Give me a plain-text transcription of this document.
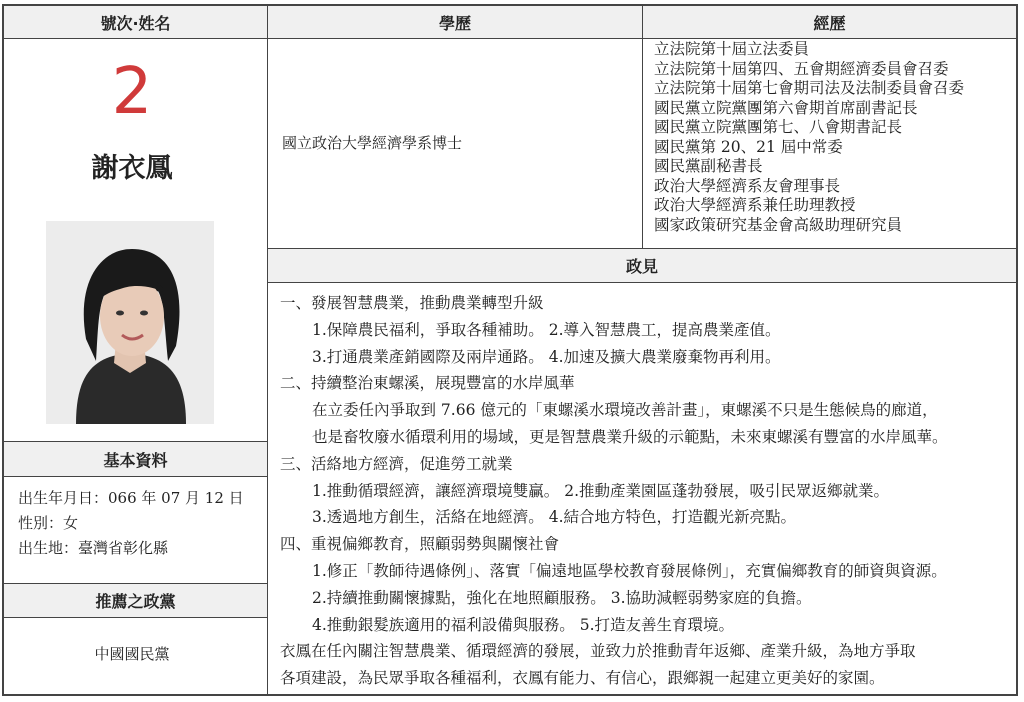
號次·姓名	學歷	經歷
2
謝衣鳳
基本資料
出生年月日：066 年 07 月 12 日
性別：女
出生地：臺灣省彰化縣
推薦之政黨
中國國民黨
國立政治大學經濟學系博士
立法院第十屆立法委員
立法院第十屆第四、五會期經濟委員會召委
立法院第十屆第七會期司法及法制委員會召委
國民黨立院黨團第六會期首席副書記長
國民黨立院黨團第七、八會期書記長
國民黨第 20、21 屆中常委
國民黨副秘書長
政治大學經濟系友會理事長
政治大學經濟系兼任助理教授
國家政策研究基金會高級助理研究員
政見
一、發展智慧農業，推動農業轉型升級
1.保障農民福利，爭取各種補助。 2.導入智慧農工，提高農業產值。
3.打通農業產銷國際及兩岸通路。 4.加速及擴大農業廢棄物再利用。
二、持續整治東螺溪，展現豐富的水岸風華
在立委任內爭取到 7.66 億元的「東螺溪水環境改善計畫」，東螺溪不只是生態候鳥的廊道，
也是畜牧廢水循環利用的場域，更是智慧農業升級的示範點，未來東螺溪有豐富的水岸風華。
三、活絡地方經濟，促進勞工就業
1.推動循環經濟，讓經濟環境雙贏。 2.推動產業園區蓬勃發展，吸引民眾返鄉就業。
3.透過地方創生，活絡在地經濟。 4.結合地方特色，打造觀光新亮點。
四、重視偏鄉教育，照顧弱勢與關懷社會
1.修正「教師待遇條例」、落實「偏遠地區學校教育發展條例」，充實偏鄉教育的師資與資源。
2.持續推動關懷據點，強化在地照顧服務。 3.協助減輕弱勢家庭的負擔。
4.推動銀髮族適用的福利設備與服務。 5.打造友善生育環境。
衣鳳在任內關注智慧農業、循環經濟的發展，並致力於推動青年返鄉、產業升級，為地方爭取
各項建設，為民眾爭取各種福利，衣鳳有能力、有信心，跟鄉親一起建立更美好的家園。
